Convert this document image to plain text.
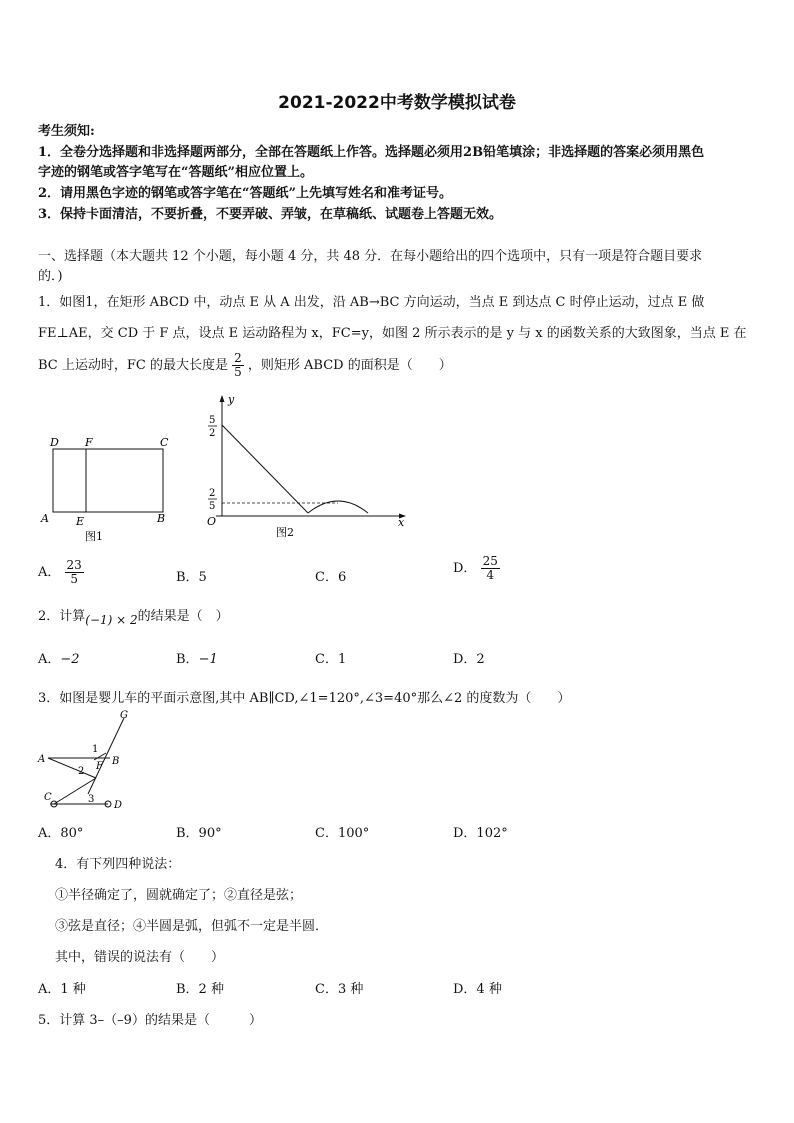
2021-2022中考数学模拟试卷
考生须知:
1．全卷分选择题和非选择题两部分，全部在答题纸上作答。选择题必须用2B铅笔填涂；非选择题的答案必须用黑色
字迹的钢笔或答字笔写在“答题纸”相应位置上。
2．请用黑色字迹的钢笔或答字笔在“答题纸”上先填写姓名和准考证号。
3．保持卡面清洁，不要折叠，不要弄破、弄皱，在草稿纸、试题卷上答题无效。
一、选择题（本大题共 12 个小题，每小题 4 分，共 48 分．在每小题给出的四个选项中，只有一项是符合题目要求
的．)
1．如图1，在矩形 ABCD 中，动点 E 从 A 出发，沿 AB→BC 方向运动，当点 E 到达点 C 时停止运动，过点 E 做
FE⊥AE，交 CD 于 F 点，设点 E 运动路程为 x，FC=y，如图 2 所示表示的是 y 与 x 的函数关系的大致图象，当点 E 在
BC 上运动时，FC 的最大长度是 $\frac{2}{5}$ ，则矩形 ABCD 的面积是（　　）
D F	C
A E	B
图1
y
x
O
5
2
2
5
图2
A． $\frac{23}{5}$	B．5	C．6
D． $\frac{25}{4}$
2．计算(−1) × 2的结果是（　）
A．−2	B．−1	C．1	D．2
3．如图是婴儿车的平面示意图,其中 AB∥CD,∠1=120°,∠3=40°那么∠2 的度数为（　　）
G
A	B
F
C
D
1
2
3
A．80°	B．90°	C．100°	D．102°
4．有下列四种说法：
①半径确定了，圆就确定了；②直径是弦；
③弦是直径；④半圆是弧，但弧不一定是半圆．
其中，错误的说法有（　　）
A．1 种	B．2 种	C．3 种	D．4 种
5．计算 3–（–9）的结果是（　　　）
